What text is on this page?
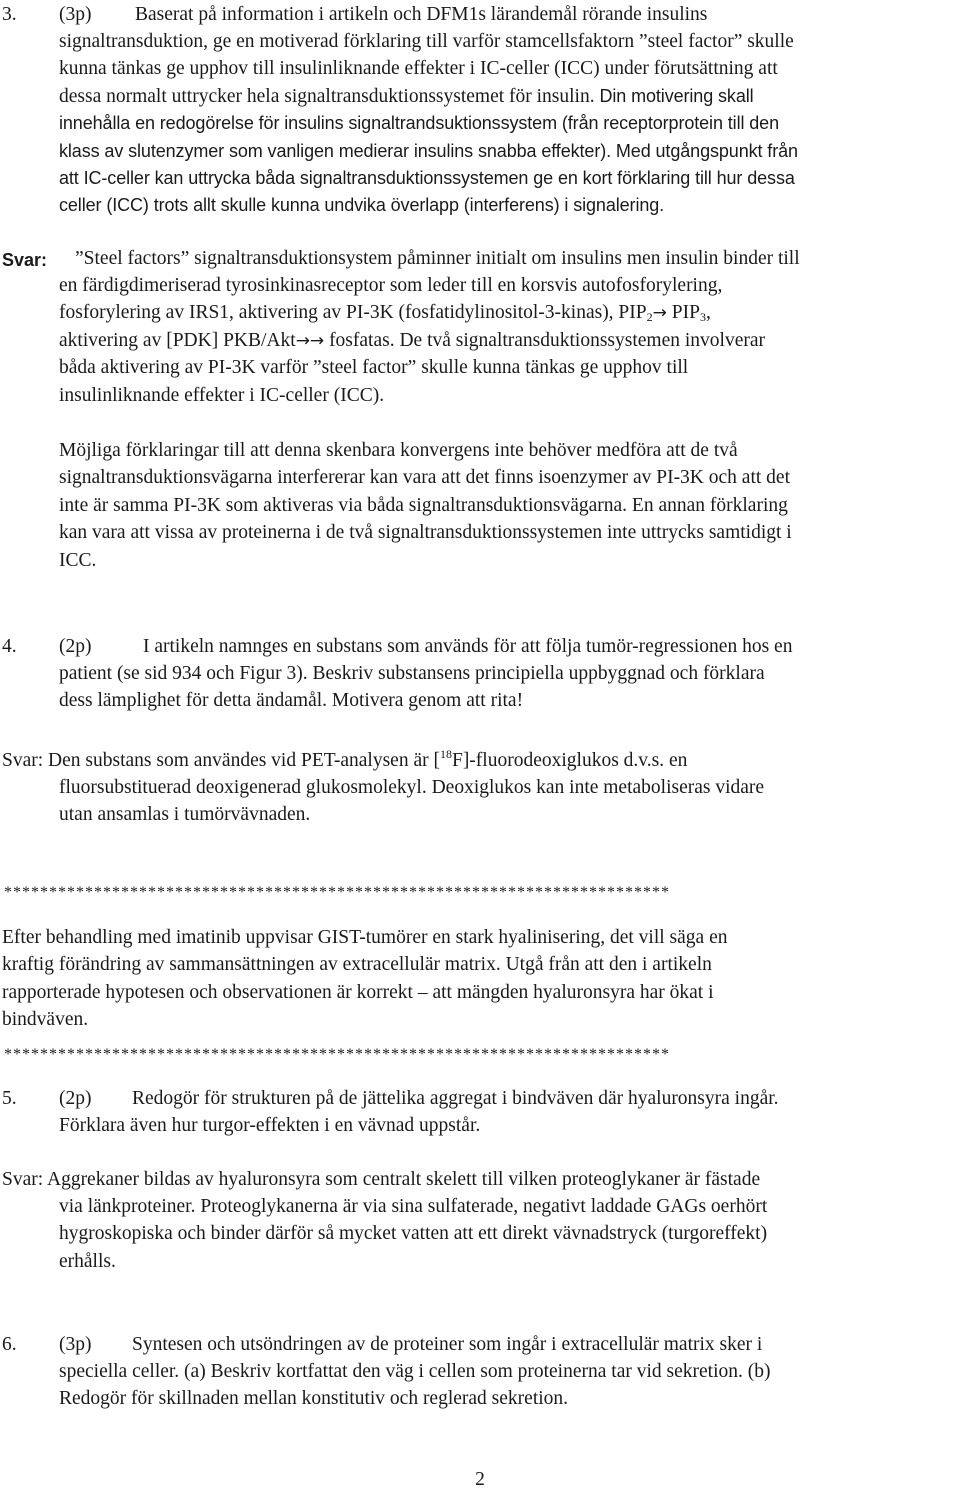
3. (3p) Baserat på information i artikeln och DFM1s lärandemål rörande insulins
signaltransduktion, ge en motiverad förklaring till varför stamcellsfaktorn ”steel factor” skulle
kunna tänkas ge upphov till insulinliknande effekter i IC-celler (ICC) under förutsättning att
dessa normalt uttrycker hela signaltransduktionssystemet för insulin. Din motivering skall
innehålla en redogörelse för insulins signaltrandsuktionssystem (från receptorprotein till den
klass av slutenzymer som vanligen medierar insulins snabba effekter). Med utgångspunkt från
att IC-celler kan uttrycka båda signaltransduktionssystemen ge en kort förklaring till hur dessa
celler (ICC) trots allt skulle kunna undvika överlapp (interferens) i signalering.
Svar: ”Steel factors” signaltransduktionsystem påminner initialt om insulins men insulin binder till
en färdigdimeriserad tyrosinkinasreceptor som leder till en korsvis autofosforylering,
fosforylering av IRS1, aktivering av PI-3K (fosfatidylinositol-3-kinas), $PIP_2\to PIP_3$,
aktivering av [PDK] PKB/Akt→→ fosfatas. De två signaltransduktionssystemen involverar
båda aktivering av PI-3K varför ”steel factor” skulle kunna tänkas ge upphov till
insulinliknande effekter i IC-celler (ICC).
Möjliga förklaringar till att denna skenbara konvergens inte behöver medföra att de två
signaltransduktionsvägarna interfererar kan vara att det finns isoenzymer av PI-3K och att det
inte är samma PI-3K som aktiveras via båda signaltransduktionsvägarna. En annan förklaring
kan vara att vissa av proteinerna i de två signaltransduktionssystemen inte uttrycks samtidigt i
ICC.
4. (2p)	I artikeln namnges en substans som används för att följa tumör-regressionen hos en
patient (se sid 934 och Figur 3). Beskriv substansens principiella uppbyggnad och förklara
dess lämplighet för detta ändamål. Motivera genom att rita!
Svar: Den substans som användes vid PET-analysen är [$^{18}$F]-fluorodeoxiglukos d.v.s. en
fluorsubstituerad deoxigenerad glukosmolekyl. Deoxiglukos kan inte metaboliseras vidare
utan ansamlas i tumörvävnaden.
**************************************************************************
Efter behandling med imatinib uppvisar GIST-tumörer en stark hyalinisering, det vill säga en
kraftig förändring av sammansättningen av extracellulär matrix. Utgå från att den i artikeln
rapporterade hypotesen och observationen är korrekt – att mängden hyaluronsyra har ökat i
bindväven.
**************************************************************************
5. (2p) Redogör för strukturen på de jättelika aggregat i bindväven där hyaluronsyra ingår.
Förklara även hur turgor-effekten i en vävnad uppstår.
Svar: Aggrekaner bildas av hyaluronsyra som centralt skelett till vilken proteoglykaner är fästade
via länkproteiner. Proteoglykanerna är via sina sulfaterade, negativt laddade GAGs oerhört
hygroskopiska och binder därför så mycket vatten att ett direkt vävnadstryck (turgoreffekt)
erhålls.
6. (3p) Syntesen och utsöndringen av de proteiner som ingår i extracellulär matrix sker i
speciella celler. (a) Beskriv kortfattat den väg i cellen som proteinerna tar vid sekretion. (b)
Redogör för skillnaden mellan konstitutiv och reglerad sekretion.
2
